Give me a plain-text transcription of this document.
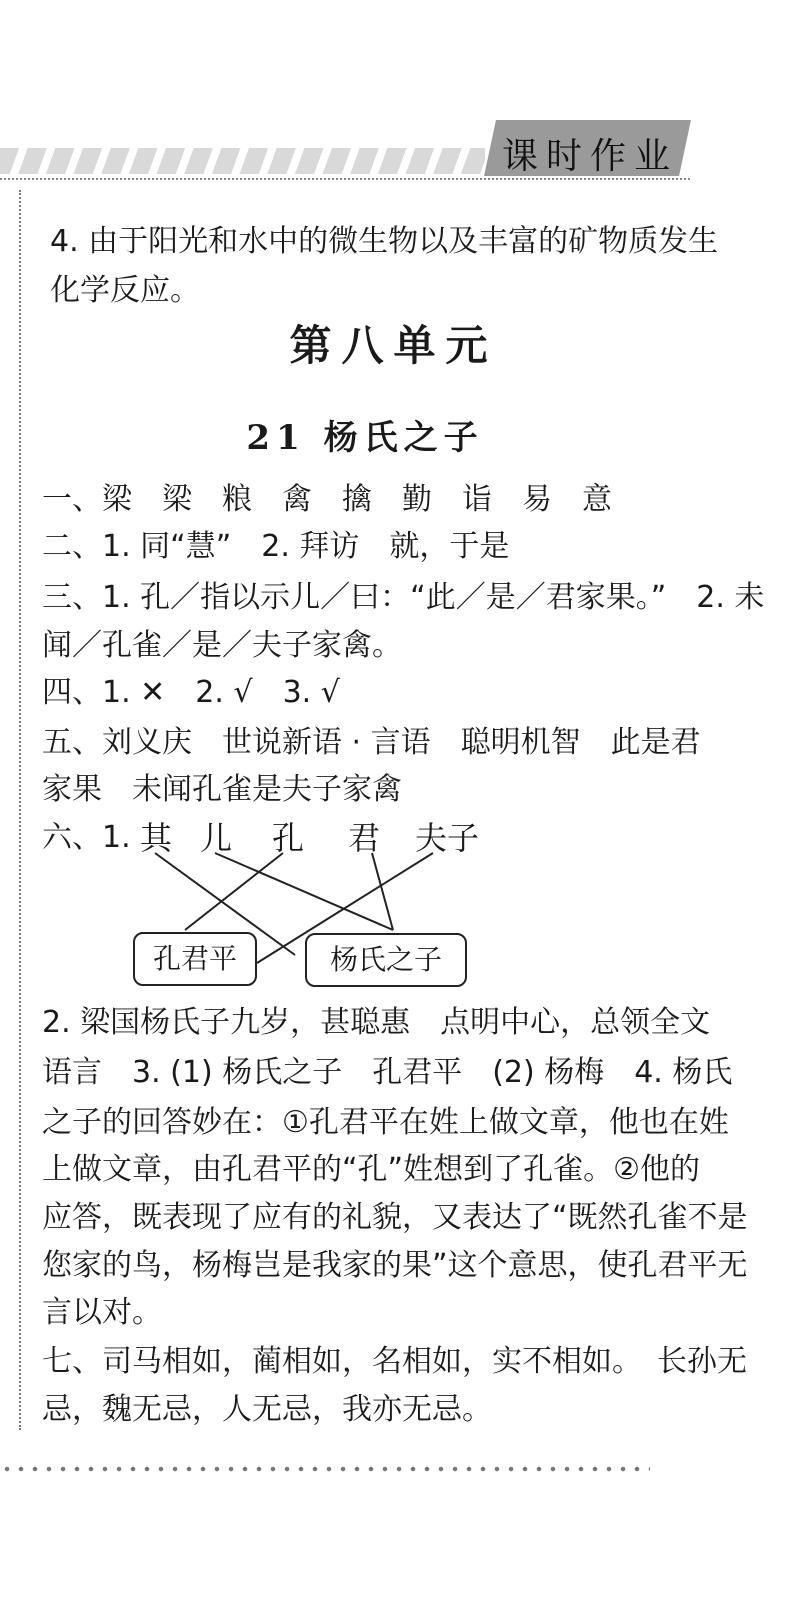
课时作业
4. 由于阳光和水中的微生物以及丰富的矿物质发生
化学反应。
第八单元
21 杨氏之子
一、梁　梁　粮　禽　擒　勤　诣　易　意
二、1. 同“慧”　2. 拜访　就，于是
三、1. 孔／指以示儿／曰：“此／是／君家果。”　2. 未
闻／孔雀／是／夫子家禽。
四、1. ✕　2. √　3. √
五、刘义庆　世说新语 · 言语　聪明机智　此是君
家果　未闻孔雀是夫子家禽
六、1. 其 儿 孔 君 夫子
孔君平	杨氏之子
2. 梁国杨氏子九岁，甚聪惠　点明中心，总领全文
语言　3. (1) 杨氏之子　孔君平　(2) 杨梅　4. 杨氏
之子的回答妙在：①孔君平在姓上做文章，他也在姓
上做文章，由孔君平的“孔”姓想到了孔雀。②他的
应答，既表现了应有的礼貌，又表达了“既然孔雀不是
您家的鸟，杨梅岂是我家的果”这个意思，使孔君平无
言以对。
七、司马相如，蔺相如，名相如，实不相如。　长孙无
忌，魏无忌，人无忌，我亦无忌。
